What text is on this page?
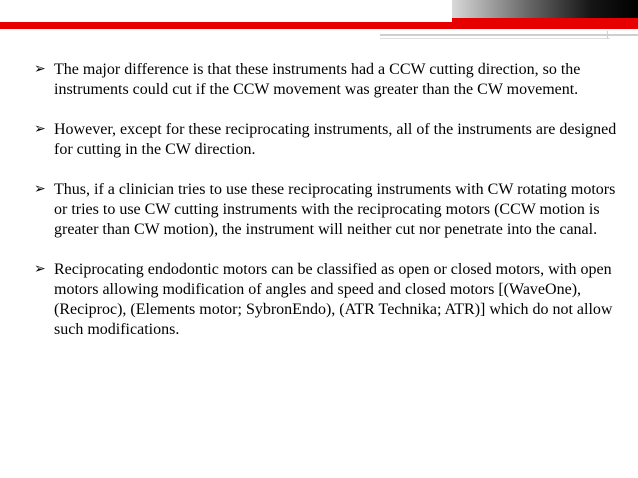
➢ The major difference is that these instruments had a CCW cutting direction, so the instruments could cut if the CCW movement was greater than the CW movement.
➢ However, except for these reciprocating instruments, all of the instruments are designed for cutting in the CW direction.
➢ Thus, if a clinician tries to use these reciprocating instruments with CW rotating motors or tries to use CW cutting instruments with the reciprocating motors (CCW motion is greater than CW motion), the instrument will neither cut nor penetrate into the canal.
➢ Reciprocating endodontic motors can be classified as open or closed motors, with open motors allowing modification of angles and speed and closed motors [(WaveOne), (Reciproc), (Elements motor; SybronEndo), (ATR Technika; ATR)] which do not allow such modifications.
